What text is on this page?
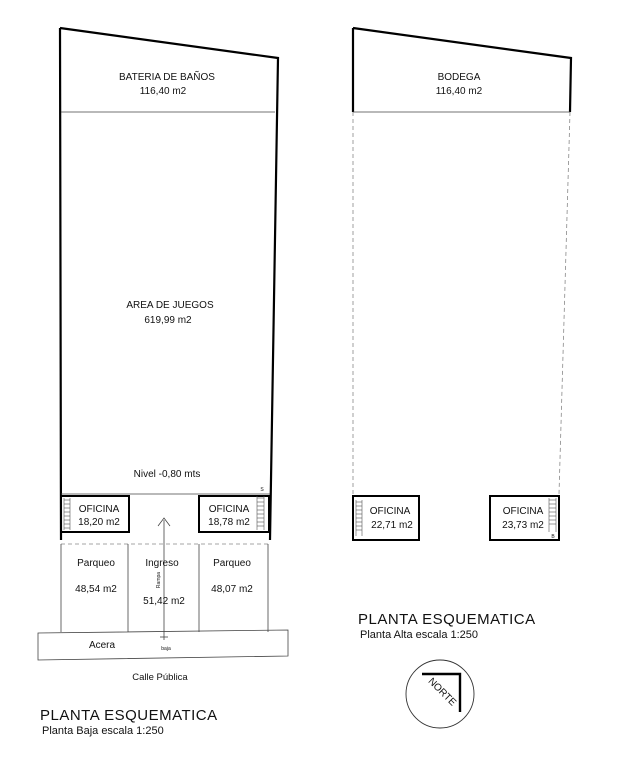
BATERIA DE BAÑOS
116,40 m2
AREA DE JUEGOS
619,99 m2
Nivel -0,80 mts
OFICINA
18,20 m2
OFICINA
18,78 m2
S
Parqueo
48,54 m2
Ingreso
51,42 m2
Rampa
Parqueo
48,07 m2
Acera	baja
Calle Pública
PLANTA ESQUEMATICA
Planta Baja escala 1:250
BODEGA
116,40 m2
OFICINA
22,71 m2
OFICINA
23,73 m2
B
PLANTA ESQUEMATICA
Planta Alta escala 1:250
NORTE
